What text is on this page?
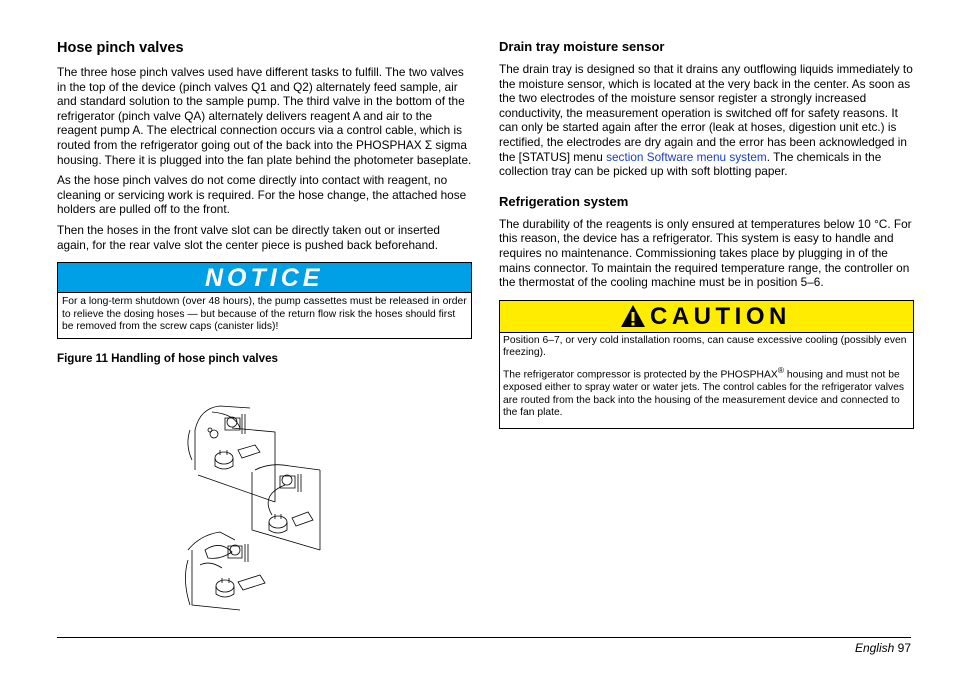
Hose pinch valves

The three hose pinch valves used have different tasks to fulfill. The two valves in the top of the device (pinch valves Q1 and Q2) alternately feed sample, air and standard solution to the sample pump. The third valve in the bottom of the refrigerator (pinch valve QA) alternately delivers reagent A and air to the reagent pump A. The electrical connection occurs via a control cable, which is routed from the refrigerator going out of the back into the PHOSPHAX Σ sigma housing. There it is plugged into the fan plate behind the photometer baseplate.

As the hose pinch valves do not come directly into contact with reagent, no cleaning or servicing work is required. For the hose change, the attached hose holders are pulled off to the front.

Then the hoses in the front valve slot can be directly taken out or inserted again, for the rear valve slot the center piece is pushed back beforehand.

NOTICE
For a long-term shutdown (over 48 hours), the pump cassettes must be released in order to relieve the dosing hoses — but because of the return flow risk the hoses should first be removed from the screw caps (canister lids)!
Figure 11 Handling of hose pinch valves
Drain tray moisture sensor

The drain tray is designed so that it drains any outflowing liquids immediately to the moisture sensor, which is located at the very back in the center. As soon as the two electrodes of the moisture sensor register a strongly increased conductivity, the measurement operation is switched off for safety reasons. It can only be started again after the error (leak at hoses, digestion unit etc.) is rectified, the electrodes are dry again and the error has been acknowledged in the [STATUS] menu section Software menu system. The chemicals in the collection tray can be picked up with soft blotting paper.

Refrigeration system

The durability of the reagents is only ensured at temperatures below 10 °C. For this reason, the device has a refrigerator. This system is easy to handle and requires no maintenance. Commissioning takes place by plugging in of the mains connector. To maintain the required temperature range, the controller on the thermostat of the cooling machine must be in position 5–6.

CAUTION

Position 6–7, or very cold installation rooms, can cause excessive cooling (possibly even freezing).

The refrigerator compressor is protected by the PHOSPHAX® housing and must not be exposed either to spray water or water jets. The control cables for the refrigerator valves are routed from the back into the housing of the measurement device and connected to the fan plate.

English 97
